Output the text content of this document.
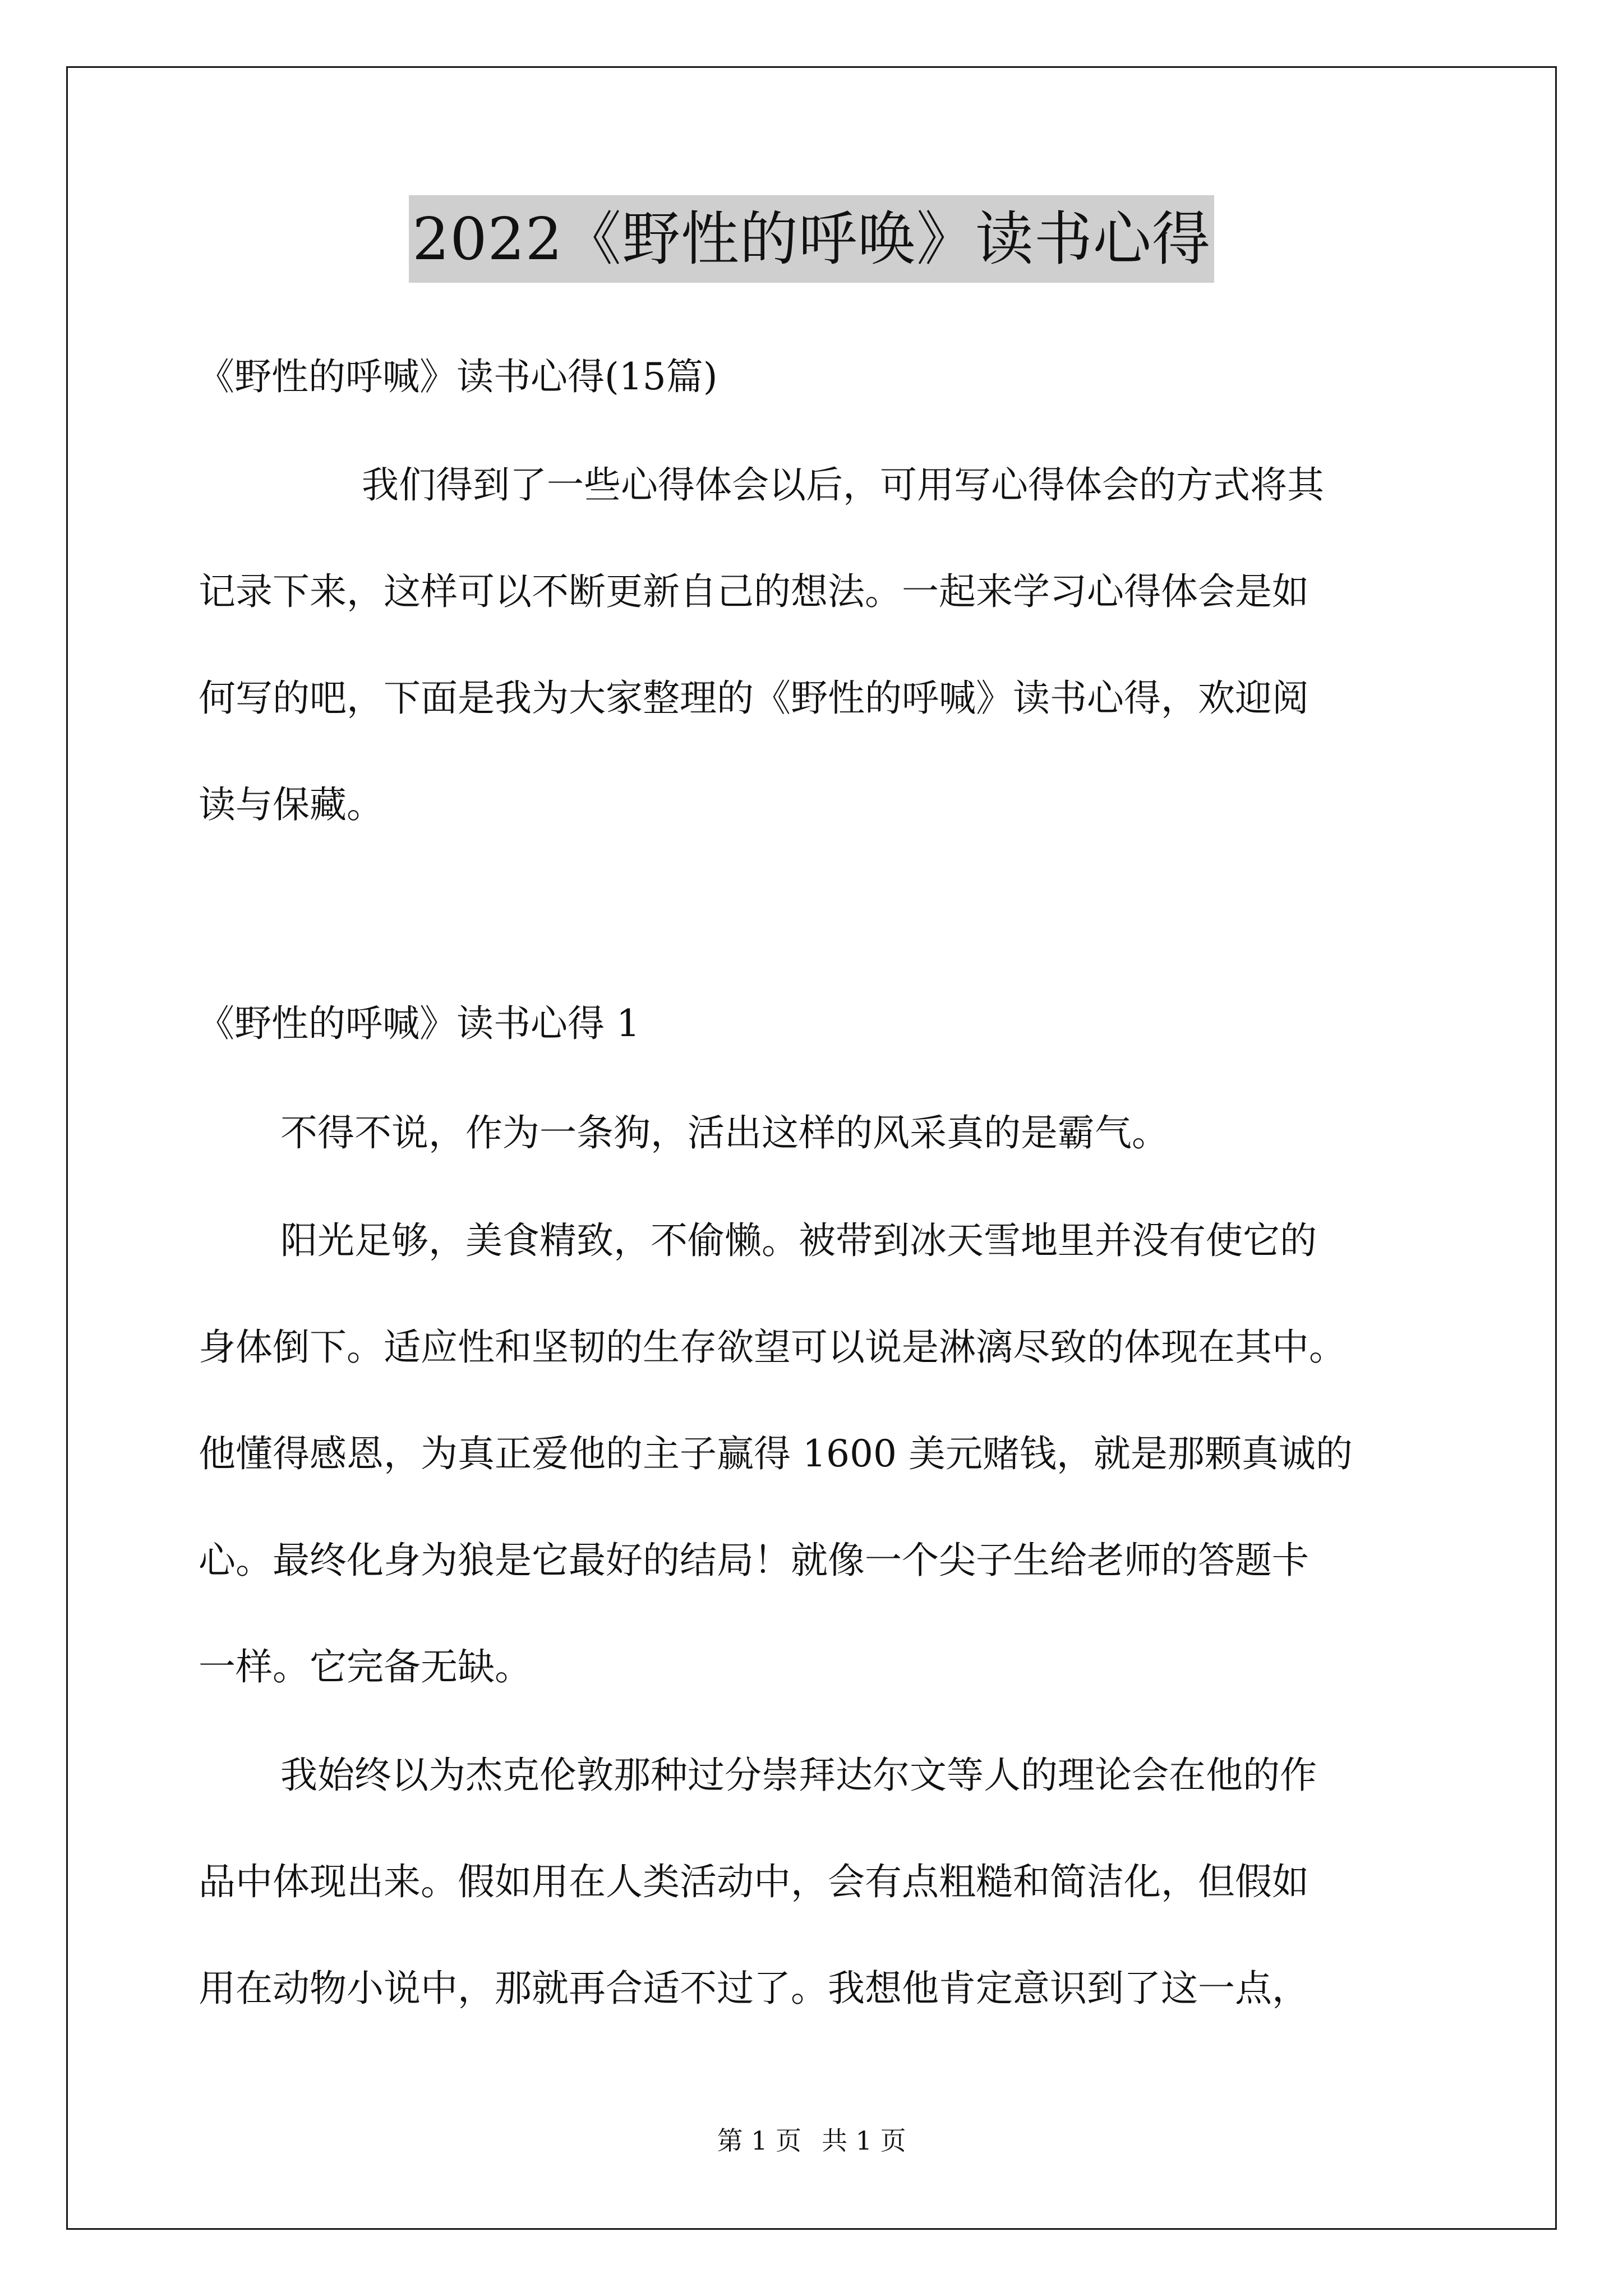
2022《野性的呼唤》读书心得
《野性的呼喊》读书心得(15篇)
我们得到了一些心得体会以后，可用写心得体会的方式将其
记录下来，这样可以不断更新自己的想法。一起来学习心得体会是如
何写的吧，下面是我为大家整理的《野性的呼喊》读书心得，欢迎阅
读与保藏。
《野性的呼喊》读书心得 1
不得不说，作为一条狗，活出这样的风采真的是霸气。
阳光足够，美食精致，不偷懒。被带到冰天雪地里并没有使它的
身体倒下。适应性和坚韧的生存欲望可以说是淋漓尽致的体现在其中。
他懂得感恩，为真正爱他的主子赢得 1600 美元赌钱，就是那颗真诚的
心。最终化身为狼是它最好的结局！就像一个尖子生给老师的答题卡
一样。它完备无缺。
我始终以为杰克伦敦那种过分崇拜达尔文等人的理论会在他的作
品中体现出来。假如用在人类活动中，会有点粗糙和简洁化，但假如
用在动物小说中，那就再合适不过了。我想他肯定意识到了这一点，
第 1 页 共 1 页
